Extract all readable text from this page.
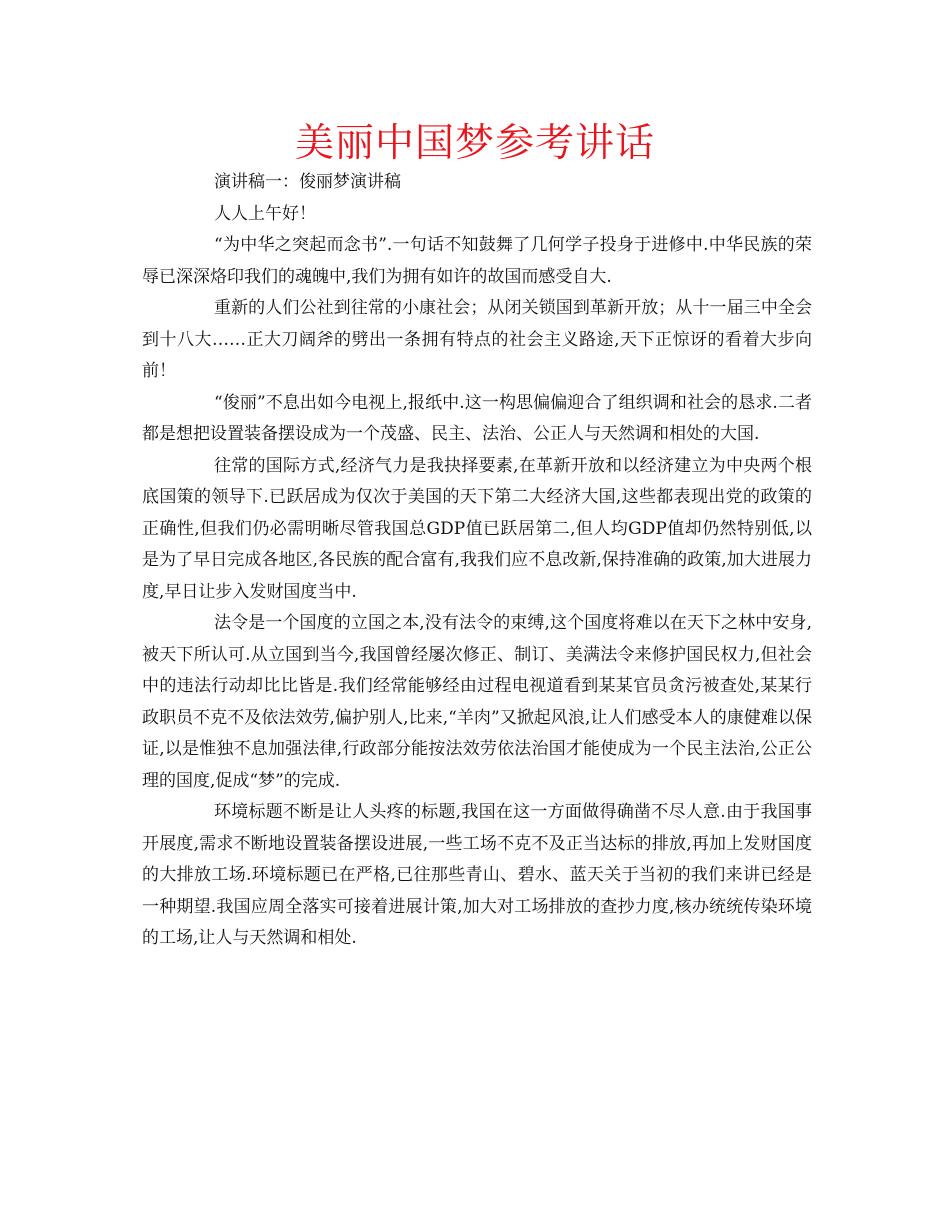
美丽中国梦参考讲话

演讲稿一：俊丽梦演讲稿

人人上午好！

“为中华之突起而念书”.一句话不知鼓舞了几何学子投身于进修中.中华民族的荣辱已深深烙印我们的魂魄中,我们为拥有如许的故国而感受自大.

重新的人们公社到往常的小康社会；从闭关锁国到革新开放；从十一届三中全会到十八大……正大刀阔斧的劈出一条拥有特点的社会主义路途,天下正惊讶的看着大步向前！

“俊丽”不息出如今电视上,报纸中.这一构思偏偏迎合了组织调和社会的恳求.二者都是想把设置装备摆设成为一个茂盛、民主、法治、公正人与天然调和相处的大国.

往常的国际方式,经济气力是我抉择要素,在革新开放和以经济建立为中央两个根底国策的领导下.已跃居成为仅次于美国的天下第二大经济大国,这些都表现出党的政策的正确性,但我们仍必需明晰尽管我国总GDP值已跃居第二,但人均GDP值却仍然特别低,以是为了早日完成各地区,各民族的配合富有,我我们应不息改新,保持准确的政策,加大进展力度,早日让步入发财国度当中.

法令是一个国度的立国之本,没有法令的束缚,这个国度将难以在天下之林中安身,被天下所认可.从立国到当今,我国曾经屡次修正、制订、美满法令来修护国民权力,但社会中的违法行动却比比皆是.我们经常能够经由过程电视道看到某某官员贪污被查处,某某行政职员不克不及依法效劳,偏护别人,比来,“羊肉”又掀起风浪,让人们感受本人的康健难以保证,以是惟独不息加强法律,行政部分能按法效劳依法治国才能使成为一个民主法治,公正公理的国度,促成“梦”的完成.

环境标题不断是让人头疼的标题,我国在这一方面做得确凿不尽人意.由于我国事开展度,需求不断地设置装备摆设进展,一些工场不克不及正当达标的排放,再加上发财国度的大排放工场.环境标题已在严格,已往那些青山、碧水、蓝天关于当初的我们来讲已经是一种期望.我国应周全落实可接着进展计策,加大对工场排放的查抄力度,核办统统传染环境的工场,让人与天然调和相处.
